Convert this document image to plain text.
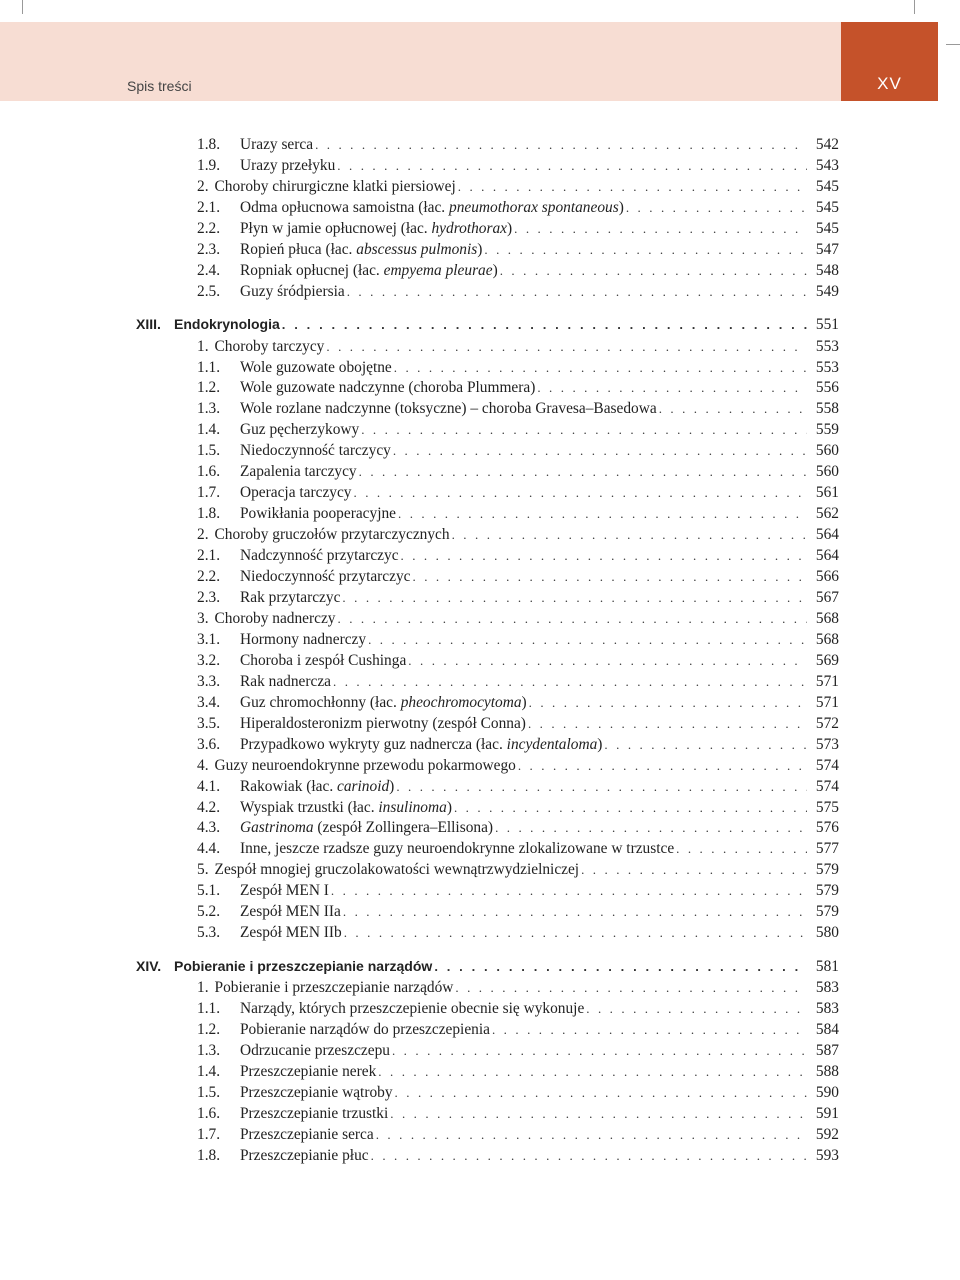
Spis treści	XV
1.8. Urazy serca . . .	542
1.9. Urazy przełyku . . .	543
2. Choroby chirurgiczne klatki piersiowej . . .	545
2.1. Odma opłucnowa samoistna (łac. pneumothorax spontaneous) . . .	545
2.2. Płyn w jamie opłucnowej (łac. hydrothorax) . . .	545
2.3. Ropień płuca (łac. abscessus pulmonis) . . .	547
2.4. Ropniak opłucnej (łac. empyema pleurae) . . .	548
2.5. Guzy śródpiersia . . .	549
XIII. Endokrynologia . . .	551
1. Choroby tarczycy . . .	553
1.1. Wole guzowate obojętne . . .	553
1.2. Wole guzowate nadczynne (choroba Plummera) . . .	556
1.3. Wole rozlane nadczynne (toksyczne) – choroba Gravesa–Basedowa . . .	558
1.4. Guz pęcherzykowy . . .	559
1.5. Niedoczynność tarczycy . . .	560
1.6. Zapalenia tarczycy . . .	560
1.7. Operacja tarczycy . . .	561
1.8. Powikłania pooperacyjne . . .	562
2. Choroby gruczołów przytarczycznych . . .	564
2.1. Nadczynność przytarczyc . . .	564
2.2. Niedoczynność przytarczyc . . .	566
2.3. Rak przytarczyc . . .	567
3. Choroby nadnerczy . . .	568
3.1. Hormony nadnerczy . . .	568
3.2. Choroba i zespół Cushinga . . .	569
3.3. Rak nadnercza . . .	571
3.4. Guz chromochłonny (łac. pheochromocytoma) . . .	571
3.5. Hiperaldosteronizm pierwotny (zespół Conna) . . .	572
3.6. Przypadkowo wykryty guz nadnercza (łac. incydentaloma) . . .	573
4. Guzy neuroendokrynne przewodu pokarmowego . . .	574
4.1. Rakowiak (łac. carinoid) . . .	574
4.2. Wyspiak trzustki (łac. insulinoma) . . .	575
4.3. Gastrinoma (zespół Zollingera–Ellisona) . . .	576
4.4. Inne, jeszcze rzadsze guzy neuroendokrynne zlokalizowane w trzustce . . .	577
5. Zespół mnogiej gruczolakowatości wewnątrzwydzielniczej . . .	579
5.1. Zespół MEN I . . .	579
5.2. Zespół MEN IIa . . .	579
5.3. Zespół MEN IIb . . .	580
XIV. Pobieranie i przeszczepianie narządów . . .	581
1. Pobieranie i przeszczepianie narządów . . .	583
1.1. Narządy, których przeszczepienie obecnie się wykonuje . . .	583
1.2. Pobieranie narządów do przeszczepienia . . .	584
1.3. Odrzucanie przeszczepu . . .	587
1.4. Przeszczepianie nerek . . .	588
1.5. Przeszczepianie wątroby . . .	590
1.6. Przeszczepianie trzustki . . .	591
1.7. Przeszczepianie serca . . .	592
1.8. Przeszczepianie płuc . . .	593
